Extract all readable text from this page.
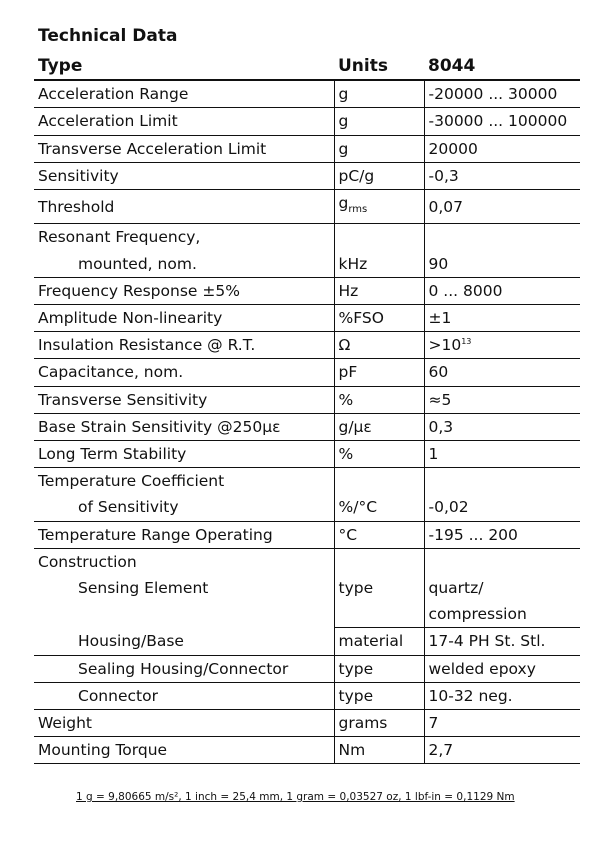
Technical Data
Type	Units	8044
Acceleration Range	g	-20000 ... 30000
Acceleration Limit	g	-30000 ... 100000
Transverse Acceleration Limit	g	20000
Sensitivity	pC/g	-0,3
Threshold	$g_{rms}$	0,07
Resonant Frequency,		
mounted, nom.	kHz	90
Frequency Response ±5%	Hz	0 ... 8000
Amplitude Non-linearity	%FSO	±1
Insulation Resistance @ R.T.	Ω	$>10^{13}$
Capacitance, nom.	pF	60
Transverse Sensitivity	%	≈5
Base Strain Sensitivity @250με	g/με	0,3
Long Term Stability	%	1
Temperature Coefficient		
of Sensitivity	%/°C	-0,02
Temperature Range Operating	°C	-195 ... 200
Construction		
Sensing Element	type	quartz/
		compression
Housing/Base	material	17-4 PH St. Stl.
Sealing Housing/Connector	type	welded epoxy
Connector	type	10-32 neg.
Weight	grams	7
Mounting Torque	Nm	2,7
1 g = 9,80665 m/s², 1 inch = 25,4 mm, 1 gram = 0,03527 oz, 1 lbf-in = 0,1129 Nm
